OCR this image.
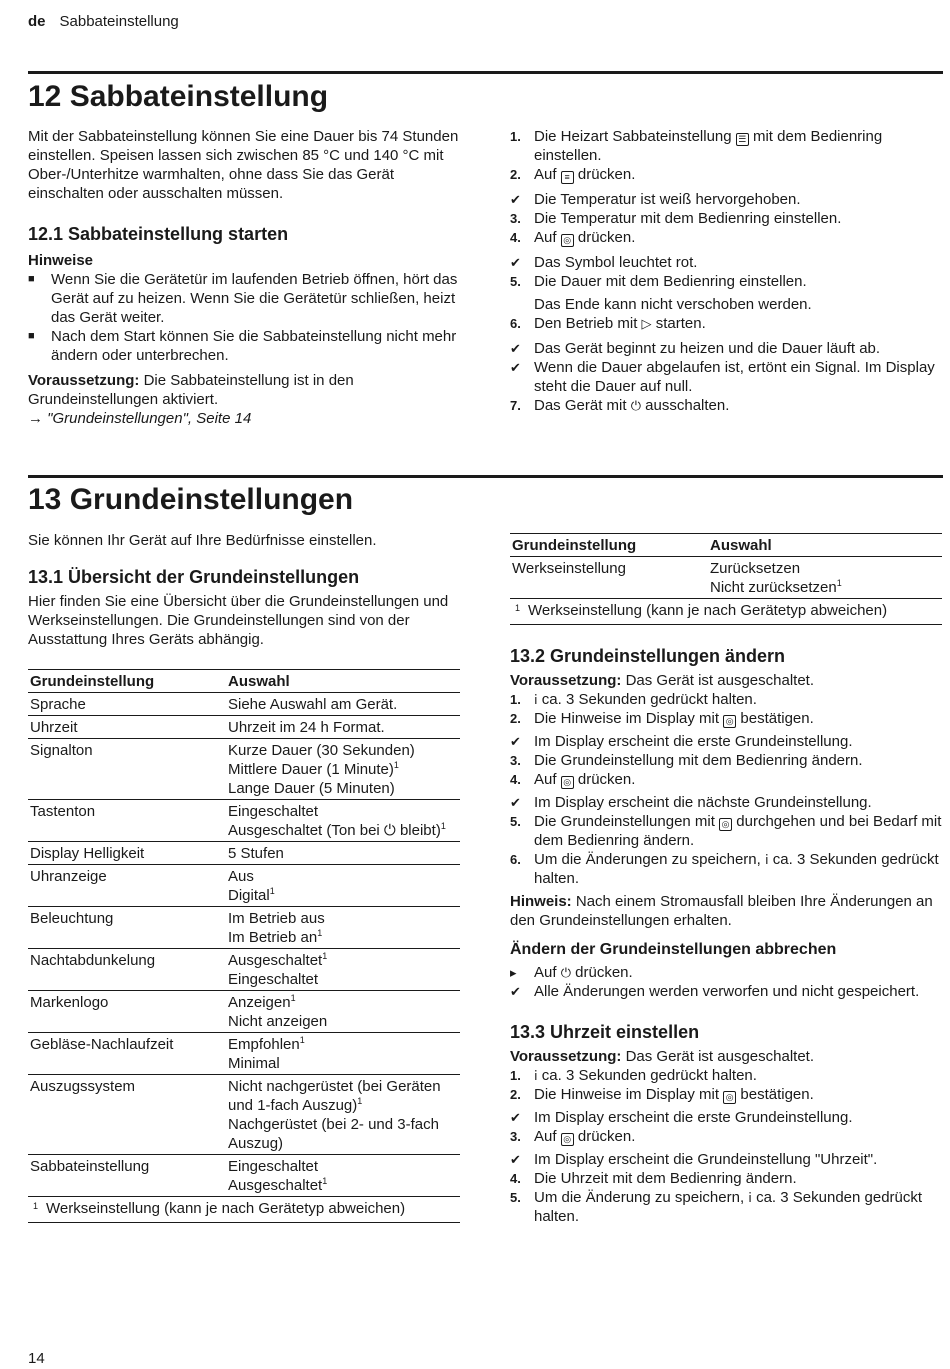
de Sabbateinstellung
12 Sabbateinstellung

Mit der Sabbateinstellung können Sie eine Dauer bis 74 Stunden einstellen. Speisen lassen sich zwischen 85 °C und 140 °C mit Ober-/Unterhitze warmhalten, ohne dass Sie das Gerät einschalten oder ausschalten müssen.

12.1 Sabbateinstellung starten
Hinweise

■ Wenn Sie die Gerätetür im laufenden Betrieb öffnen, hört das Gerät auf zu heizen. Wenn Sie die Gerätetür schließen, heizt das Gerät weiter.

■ Nach dem Start können Sie die Sabbateinstellung nicht mehr ändern oder unterbrechen.

Voraussetzung: Die Sabbateinstellung ist in den Grundeinstellungen aktiviert.

→ "Grundeinstellungen", Seite 14

1. Die Heizart Sabbateinstellung ☰ mit dem Bedienring einstellen.

2. Auf ≡ drücken.

✔ Die Temperatur ist weiß hervorgehoben.

3. Die Temperatur mit dem Bedienring einstellen.

4. Auf ◎ drücken.

✔ Das Symbol leuchtet rot.

5. Die Dauer mit dem Bedienring einstellen.

Das Ende kann nicht verschoben werden.

6. Den Betrieb mit ▷ starten.

✔ Das Gerät beginnt zu heizen und die Dauer läuft ab.

✔ Wenn die Dauer abgelaufen ist, ertönt ein Signal. Im Display steht die Dauer auf null.

7. Das Gerät mit ⏻ ausschalten.

13 Grundeinstellungen

Sie können Ihr Gerät auf Ihre Bedürfnisse einstellen.

13.1 Übersicht der Grundeinstellungen

Hier finden Sie eine Übersicht über die Grundeinstellungen und Werkseinstellungen. Die Grundeinstellungen sind von der Ausstattung Ihres Geräts abhängig.

Grundeinstellung	Auswahl
Sprache	Siehe Auswahl am Gerät.

Uhrzeit	Uhrzeit im 24 h Format.

Signalton	Kurze Dauer (30 Sekunden)
Mittlere Dauer (1 Minute)$^1$
Lange Dauer (5 Minuten)

Tastenton	Eingeschaltet
Ausgeschaltet (Ton bei ⏻ bleibt)$^1$

Display Helligkeit	5 Stufen

Uhranzeige	Aus
Digital$^1$

Beleuchtung	Im Betrieb aus
Im Betrieb $an^1$

Nachtabdunkelung	Ausgeschaltet$^1$
Eingeschaltet

Markenlogo	Anzeigen$^1$
Nicht anzeigen

Gebläse-Nachlaufzeit	Empfohlen$^1$
Minimal

Auszugssystem	Nicht nachgerüstet (bei Geräten und 1-fach Auszug)$^1$
Nachgerüstet (bei 2- und 3-fach Auszug)

Sabbateinstellung	Eingeschaltet
Ausgeschaltet$^1$
1 Werkseinstellung (kann je nach Gerätetyp abweichen)
Grundeinstellung	Auswahl
Werkseinstellung	Zurücksetzen
Nicht zurücksetzen$^1$
1 Werkseinstellung (kann je nach Gerätetyp abweichen)
13.2 Grundeinstellungen ändern

Voraussetzung: Das Gerät ist ausgeschaltet.

1. ⅰ ca. 3 Sekunden gedrückt halten.

2. Die Hinweise im Display mit ◎ bestätigen.

✔ Im Display erscheint die erste Grundeinstellung.

3. Die Grundeinstellung mit dem Bedienring ändern.

4. Auf ◎ drücken.

✔ Im Display erscheint die nächste Grundeinstellung.

5. Die Grundeinstellungen mit ◎ durchgehen und bei Bedarf mit dem Bedienring ändern.

6. Um die Änderungen zu speichern, ⅰ ca. 3 Sekunden gedrückt halten.

Hinweis: Nach einem Stromausfall bleiben Ihre Änderungen an den Grundeinstellungen erhalten.

Ändern der Grundeinstellungen abbrechen

▸ Auf ⏻ drücken.

✔ Alle Änderungen werden verworfen und nicht gespeichert.

13.3 Uhrzeit einstellen

Voraussetzung: Das Gerät ist ausgeschaltet.

1. ⅰ ca. 3 Sekunden gedrückt halten.

2. Die Hinweise im Display mit ◎ bestätigen.

✔ Im Display erscheint die erste Grundeinstellung.

3. Auf ◎ drücken.

✔ Im Display erscheint die Grundeinstellung "Uhrzeit".

4. Die Uhrzeit mit dem Bedienring ändern.

5. Um die Änderung zu speichern, ⅰ ca. 3 Sekunden gedrückt halten.

14
